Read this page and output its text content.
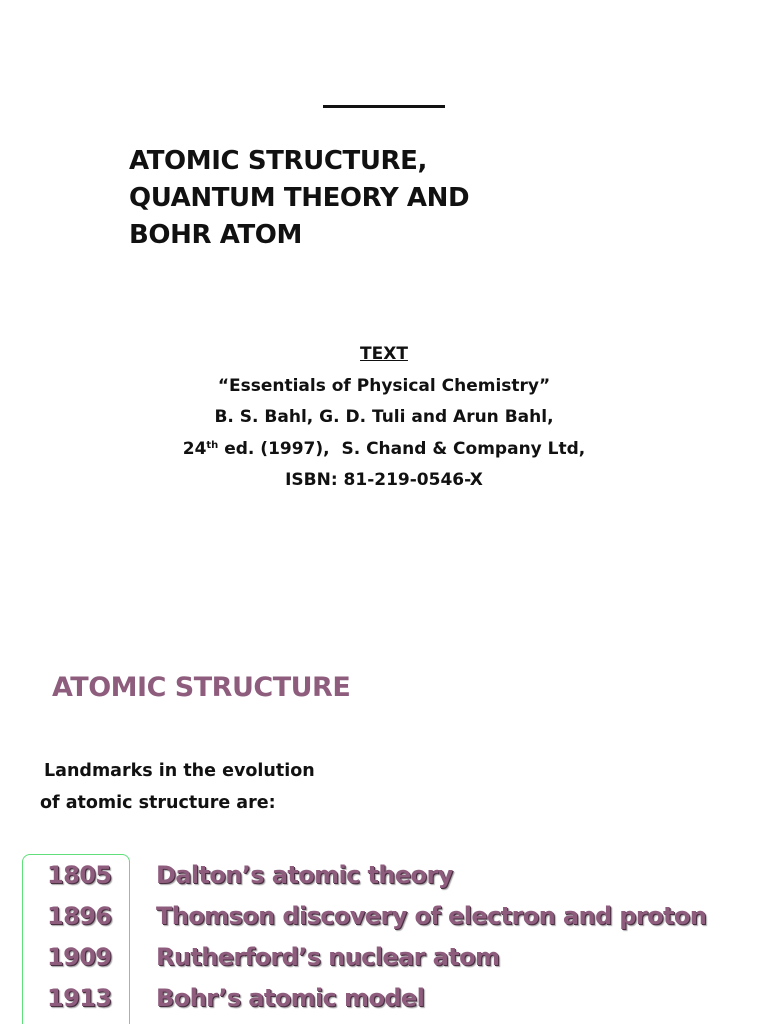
ATOMIC STRUCTURE,
QUANTUM THEORY AND
BOHR ATOM
TEXT
“Essentials of Physical Chemistry”
B. S. Bahl, G. D. Tuli and Arun Bahl,
24th ed. (1997),  S. Chand & Company Ltd,
ISBN: 81-219-0546-X
ATOMIC STRUCTURE
Landmarks in the evolution
of atomic structure are:
1805 Dalton’s atomic theory
1896 Thomson discovery of electron and proton
1909 Rutherford’s nuclear atom
1913 Bohr’s atomic model
